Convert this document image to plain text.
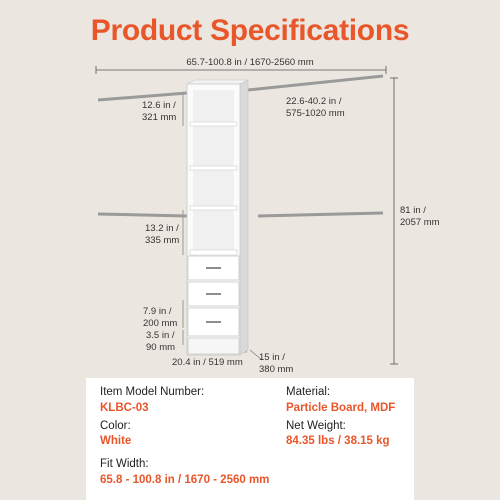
Product Specifications
65.7-100.8 in / 1670-2560 mm
12.6 in /
321 mm
22.6-40.2 in /
575-1020 mm
81 in /
2057 mm
13.2 in /
335 mm
7.9 in /
200 mm
3.5 in /
90 mm
20.4 in / 519 mm 15 in /
380 mm
Item Model Number:
KLBC-03
Material:
Particle Board, MDF
Color:
White
Net Weight:
84.35 lbs / 38.15 kg
Fit Width:
65.8 - 100.8 in / 1670 - 2560 mm
